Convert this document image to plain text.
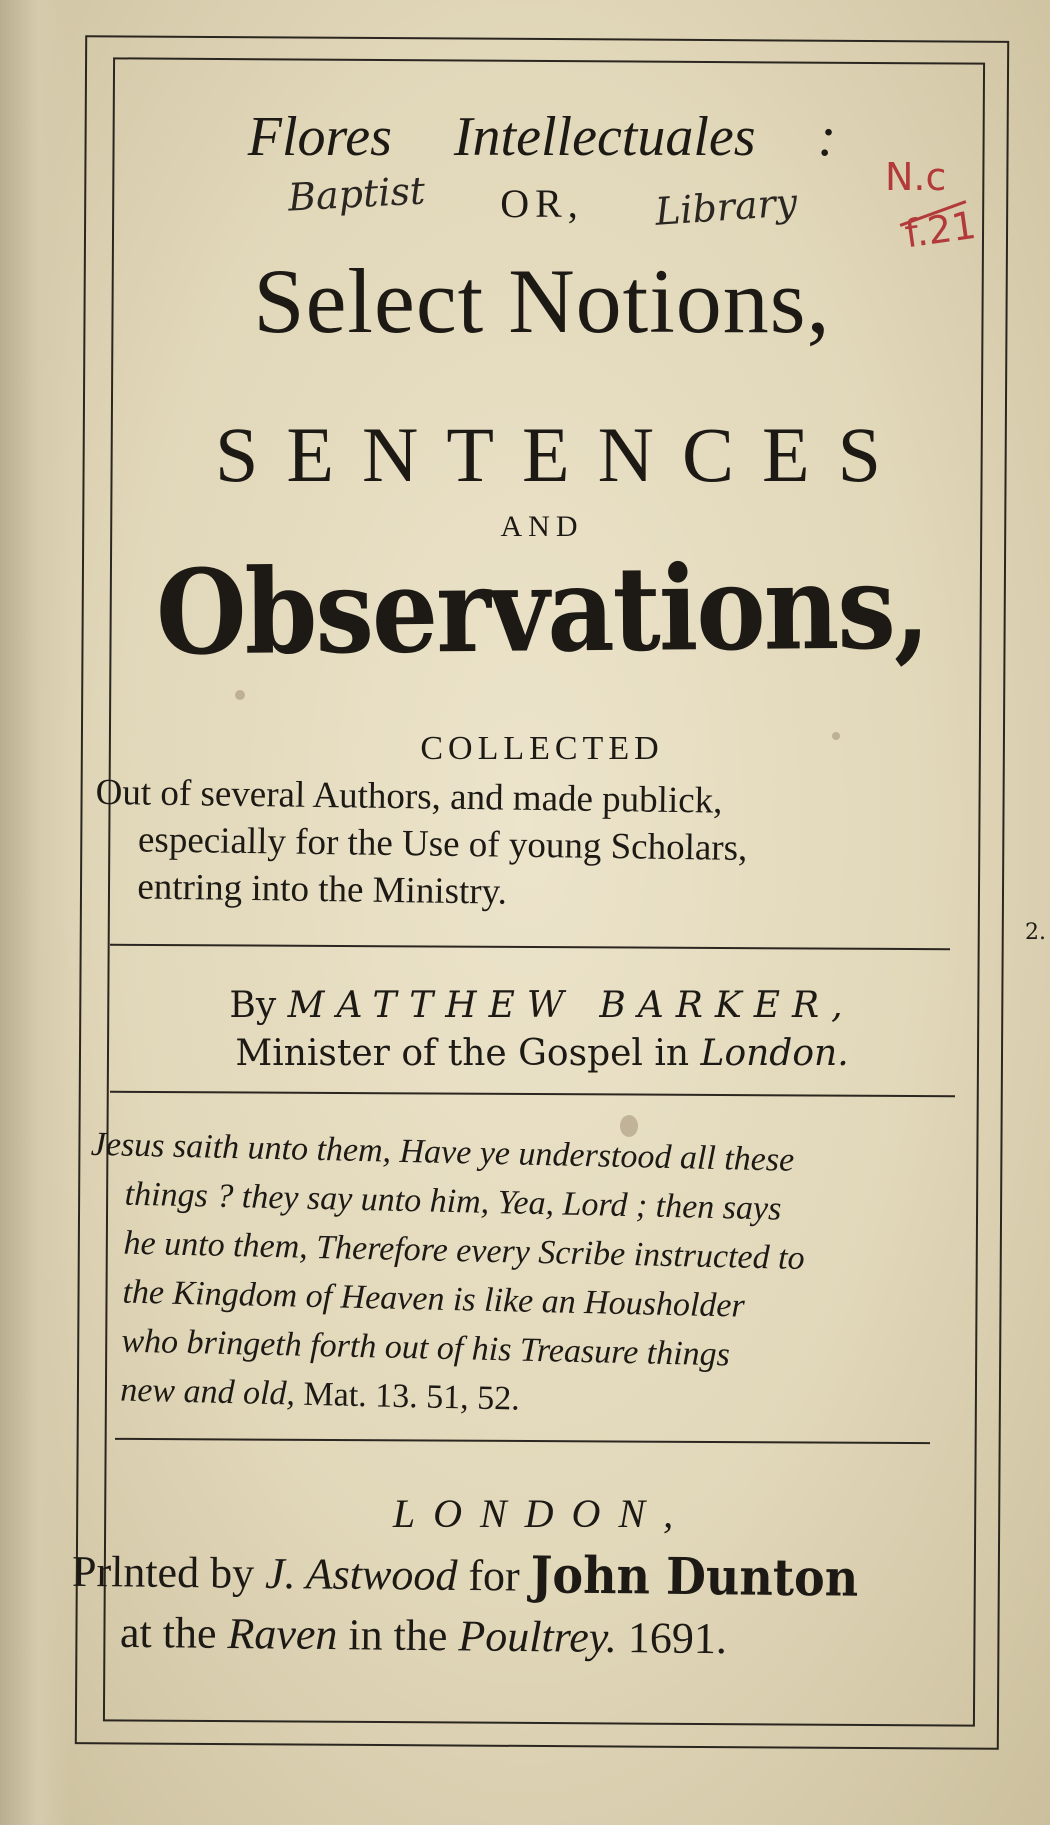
Flores Intellectuales :
Baptist	OR,	Library
N.c
f.21
Select Notions,
SENTENCES
AND
Observations,
COLLECTED
Out of several Authors, and made publick,
especially for the Use of young Scholars,
entring into the Ministry.
By MATTHEW BARKER,
Minister of the Gospel in London.
Jesus saith unto them, Have ye understood all these
things ? they say unto him, Yea, Lord ; then says
he unto them, Therefore every Scribe instructed to
the Kingdom of Heaven is like an Housholder
who bringeth forth out of his Treasure things
new and old, Mat. 13. 51, 52.
LONDON,
Prlnted by J. Astwood for John Dunton
at the Raven in the Poultrey. 1691.
2.
